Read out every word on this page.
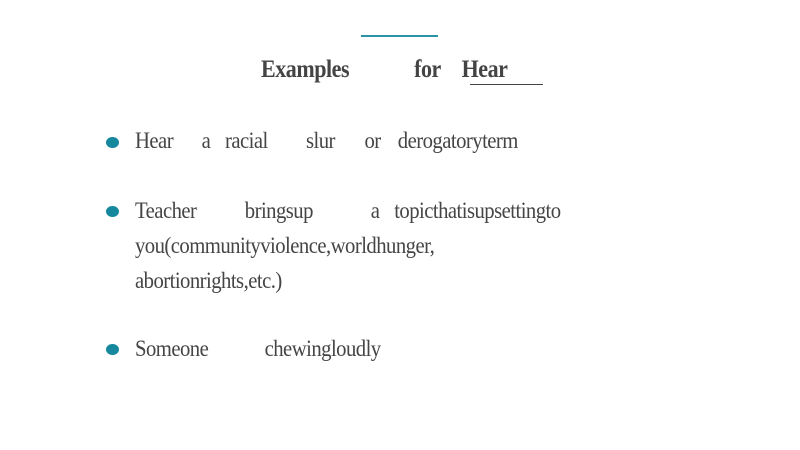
Examples	for Hear
Hear a racial slur or derogatoryterm
Teacher bringsup	a topicthatisupsettingto
you(communityviolence,worldhunger,
abortionrights,etc.)
Someone chewingloudly
